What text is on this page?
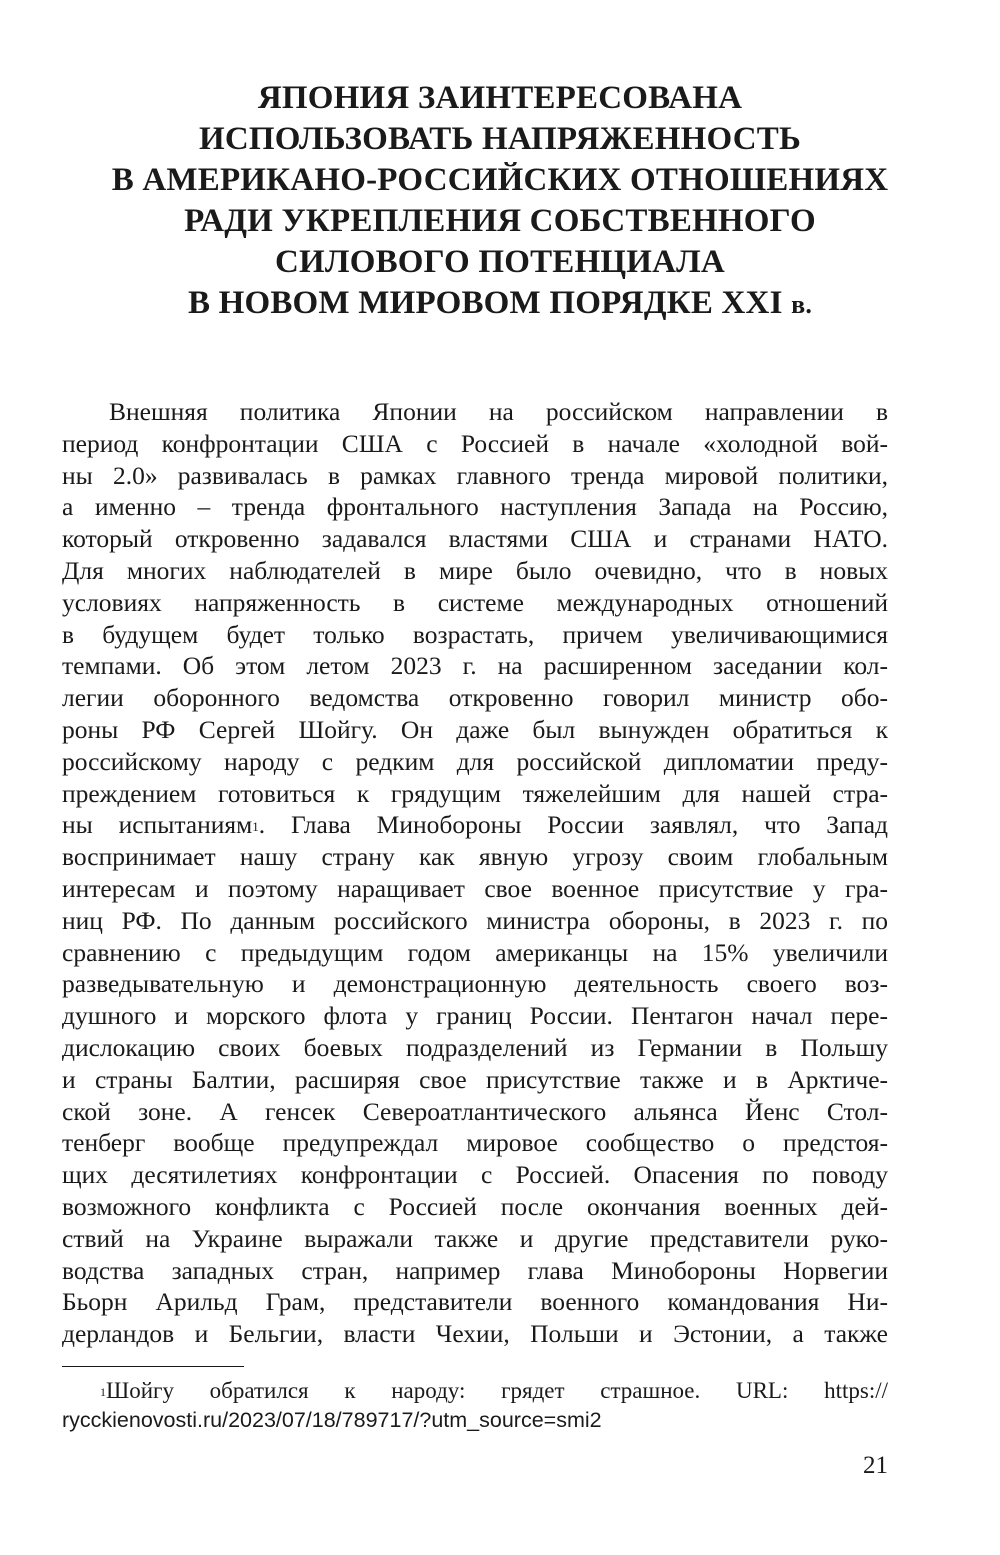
ЯПОНИЯ ЗАИНТЕРЕСОВАНА
ИСПОЛЬЗОВАТЬ НАПРЯЖЕННОСТЬ
В АМЕРИКАНО-РОССИЙСКИХ ОТНОШЕНИЯХ
РАДИ УКРЕПЛЕНИЯ СОБСТВЕННОГО
СИЛОВОГО ПОТЕНЦИАЛА
В НОВОМ МИРОВОМ ПОРЯДКЕ XXI в.
Внешняя политика Японии на российском направлении в
период конфронтации США с Россией в начале «холодной вой-
ны 2.0» развивалась в рамках главного тренда мировой политики,
а именно – тренда фронтального наступления Запада на Россию,
который откровенно задавался властями США и странами НАТО.
Для многих наблюдателей в мире было очевидно, что в новых
условиях напряженность в системе международных отношений
в будущем будет только возрастать, причем увеличивающимися
темпами. Об этом летом 2023 г. на расширенном заседании кол-
легии оборонного ведомства откровенно говорил министр обо-
роны РФ Сергей Шойгу. Он даже был вынужден обратиться к
российскому народу с редким для российской дипломатии преду-
преждением готовиться к грядущим тяжелейшим для нашей стра-
ны испытаниям$^1$. Глава Минобороны России заявлял, что Запад
воспринимает нашу страну как явную угрозу своим глобальным
интересам и поэтому наращивает свое военное присутствие у гра-
ниц РФ. По данным российского министра обороны, в 2023 г. по
сравнению с предыдущим годом американцы на 15% увеличили
разведывательную и демонстрационную деятельность своего воз-
душного и морского флота у границ России. Пентагон начал пере-
дислокацию своих боевых подразделений из Германии в Польшу
и страны Балтии, расширяя свое присутствие также и в Арктиче-
ской зоне. А генсек Североатлантического альянса Йенс Стол-
тенберг вообще предупреждал мировое сообщество о предстоя-
щих десятилетиях конфронтации с Россией. Опасения по поводу
возможного конфликта с Россией после окончания военных дей-
ствий на Украине выражали также и другие представители руко-
водства западных стран, например глава Минобороны Норвегии
Бьорн Арильд Грам, представители военного командования Ни-
дерландов и Бельгии, власти Чехии, Польши и Эстонии, а также
$^1$Шойгу обратился к народу: грядет страшное. URL: https://
rycckienovosti.ru/2023/07/18/789717/?utm_source=smi2
21
